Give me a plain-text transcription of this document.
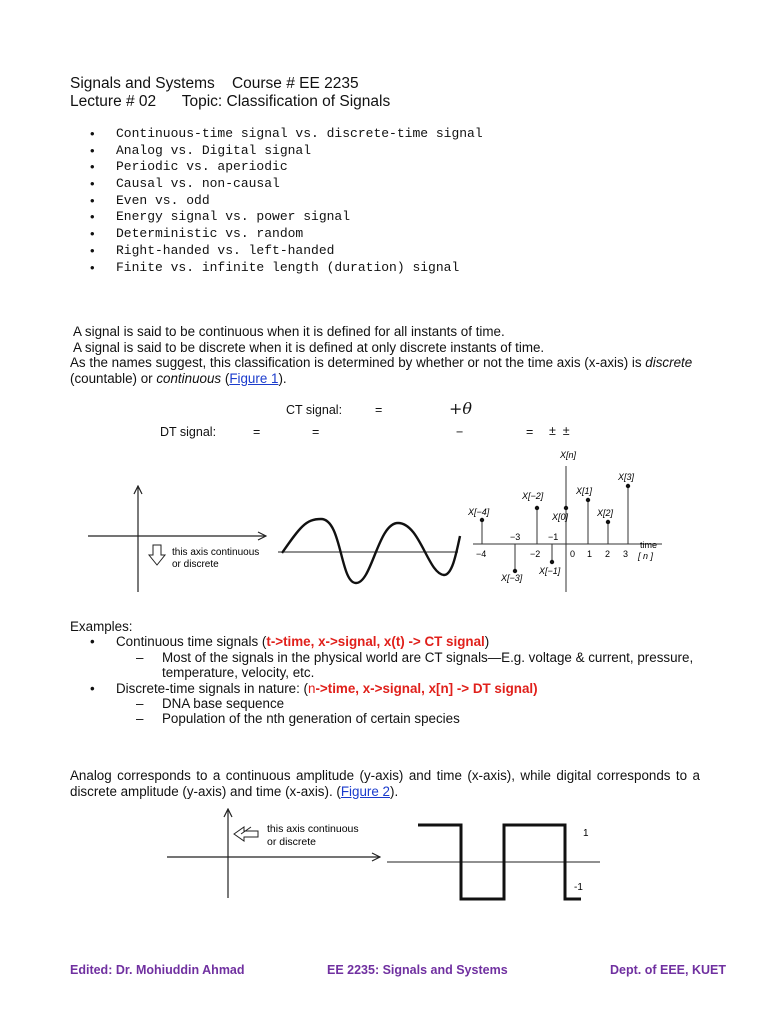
Signals and Systems    Course # EE 2235
Lecture # 02      Topic: Classification of Signals
• Continuous-time signal vs. discrete-time signal
• Analog vs. Digital signal
• Periodic vs. aperiodic
• Causal vs. non-causal
• Even vs. odd
• Energy signal vs. power signal
• Deterministic vs. random
• Right-handed vs. left-handed
• Finite vs. infinite length (duration) signal
A signal is said to be continuous when it is defined for all instants of time.
A signal is said to be discrete when it is defined at only discrete instants of time.
As the names suggest, this classification is determined by whether or not the time axis (x-axis) is discrete (countable) or continuous (Figure 1).
CT signal:	=	+θ
DT signal:	=	=	−	= ±  ±
this axis continuous
or discrete
X[n]
X[−4]
X[−3]
X[−2]
X[−1]
X[0]
X[1]
X[2]
X[3]
−4
−3
−2
−1
0 1 2 3
time
[ n ]
Examples:
• Continuous time signals (t->time, x->signal, x(t) -> CT signal)
– Most of the signals in the physical world are CT signals—E.g. voltage & current, pressure, temperature, velocity, etc.
• Discrete-time signals in nature: (n->time, x->signal, x[n] -> DT signal)
– DNA base sequence
– Population of the nth generation of certain species
Analog corresponds to a continuous amplitude (y-axis) and time (x-axis), while digital corresponds to a discrete amplitude (y-axis) and time (x-axis). (Figure 2).
this axis continuous
or discrete
1
-1
Edited: Dr. Mohiuddin Ahmad	EE 2235: Signals and Systems	Dept. of EEE, KUET
